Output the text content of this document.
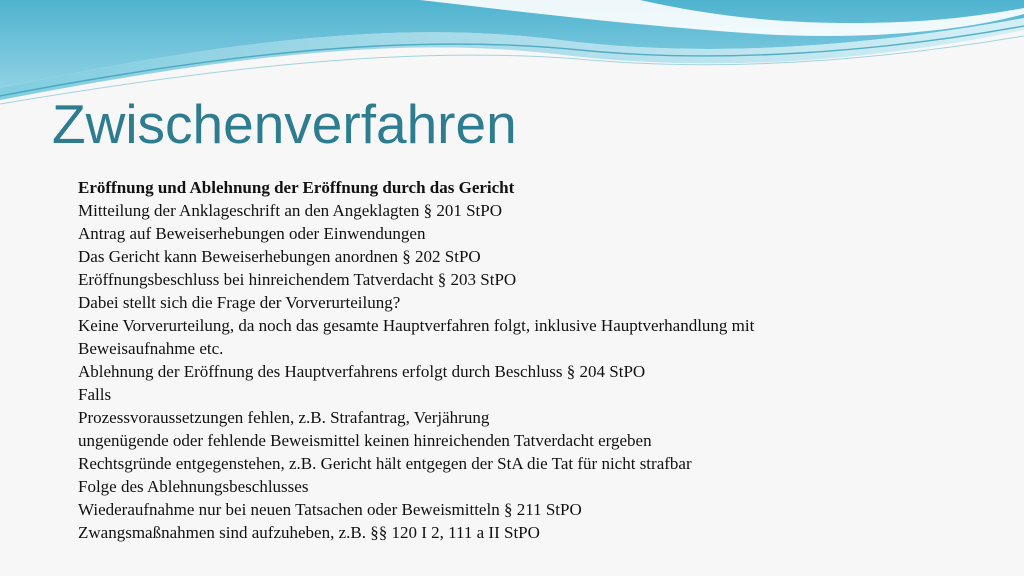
Zwischenverfahren
Eröffnung und Ablehnung der Eröffnung durch das Gericht
Mitteilung der Anklageschrift an den Angeklagten § 201 StPO
Antrag auf Beweiserhebungen oder Einwendungen
Das Gericht kann Beweiserhebungen anordnen § 202 StPO
Eröffnungsbeschluss bei hinreichendem Tatverdacht § 203 StPO
Dabei stellt sich die Frage der Vorverurteilung?
Keine Vorverurteilung, da noch das gesamte Hauptverfahren folgt, inklusive Hauptverhandlung mit
Beweisaufnahme etc.
Ablehnung der Eröffnung des Hauptverfahrens erfolgt durch Beschluss § 204 StPO
Falls
Prozessvoraussetzungen fehlen, z.B. Strafantrag, Verjährung
ungenügende oder fehlende Beweismittel keinen hinreichenden Tatverdacht ergeben
Rechtsgründe entgegenstehen, z.B. Gericht hält entgegen der StA die Tat für nicht strafbar
Folge des Ablehnungsbeschlusses
Wiederaufnahme nur bei neuen Tatsachen oder Beweismitteln § 211 StPO
Zwangsmaßnahmen sind aufzuheben, z.B. §§ 120 I 2, 111 a II StPO
